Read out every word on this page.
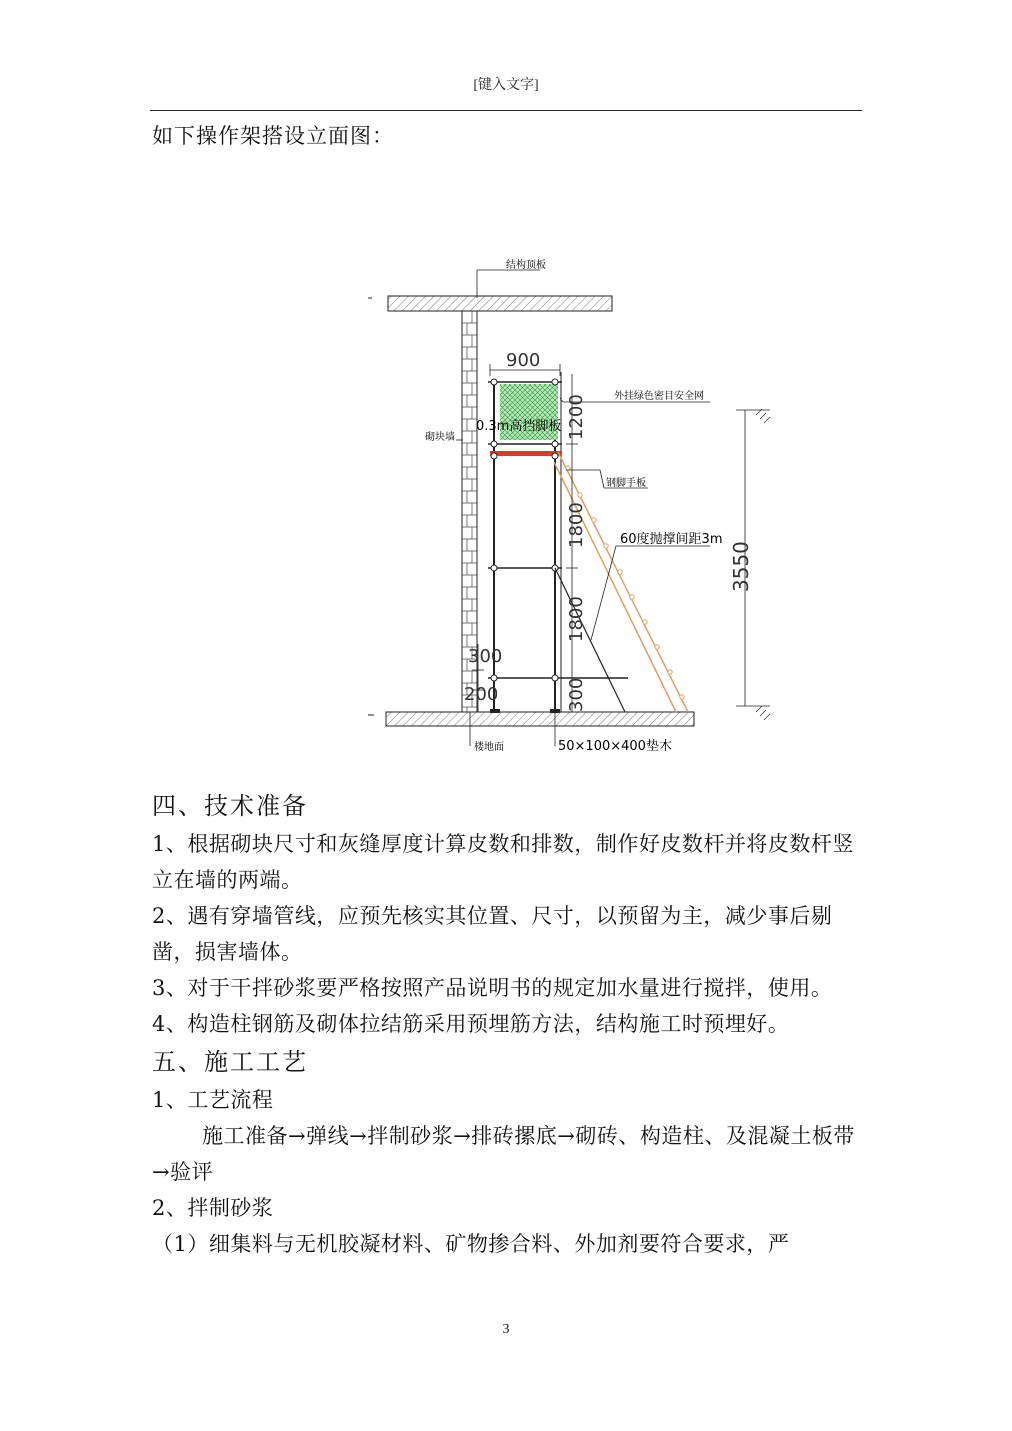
[键入文字]
如下操作架搭设立面图：
结构顶板
砌块墙
外挂绿色密目安全网
0.3m高挡脚板
钢脚手板
60度抛撑间距3m
楼地面	50×100×400垫木
900
1200
1800
1800
300
300
200
3550

四、技术准备

1、根据砌块尺寸和灰缝厚度计算皮数和排数，制作好皮数杆并将皮数杆竖立在墙的两端。

2、遇有穿墙管线，应预先核实其位置、尺寸，以预留为主，减少事后剔凿，损害墙体。

3、对于干拌砂浆要严格按照产品说明书的规定加水量进行搅拌，使用。

4、构造柱钢筋及砌体拉结筋采用预埋筋方法，结构施工时预埋好。

五、施工工艺

1、工艺流程

施工准备→弹线→拌制砂浆→排砖摞底→砌砖、构造柱、及混凝土板带→验评

2、拌制砂浆

（1）细集料与无机胶凝材料、矿物掺合料、外加剂要符合要求，严

3
